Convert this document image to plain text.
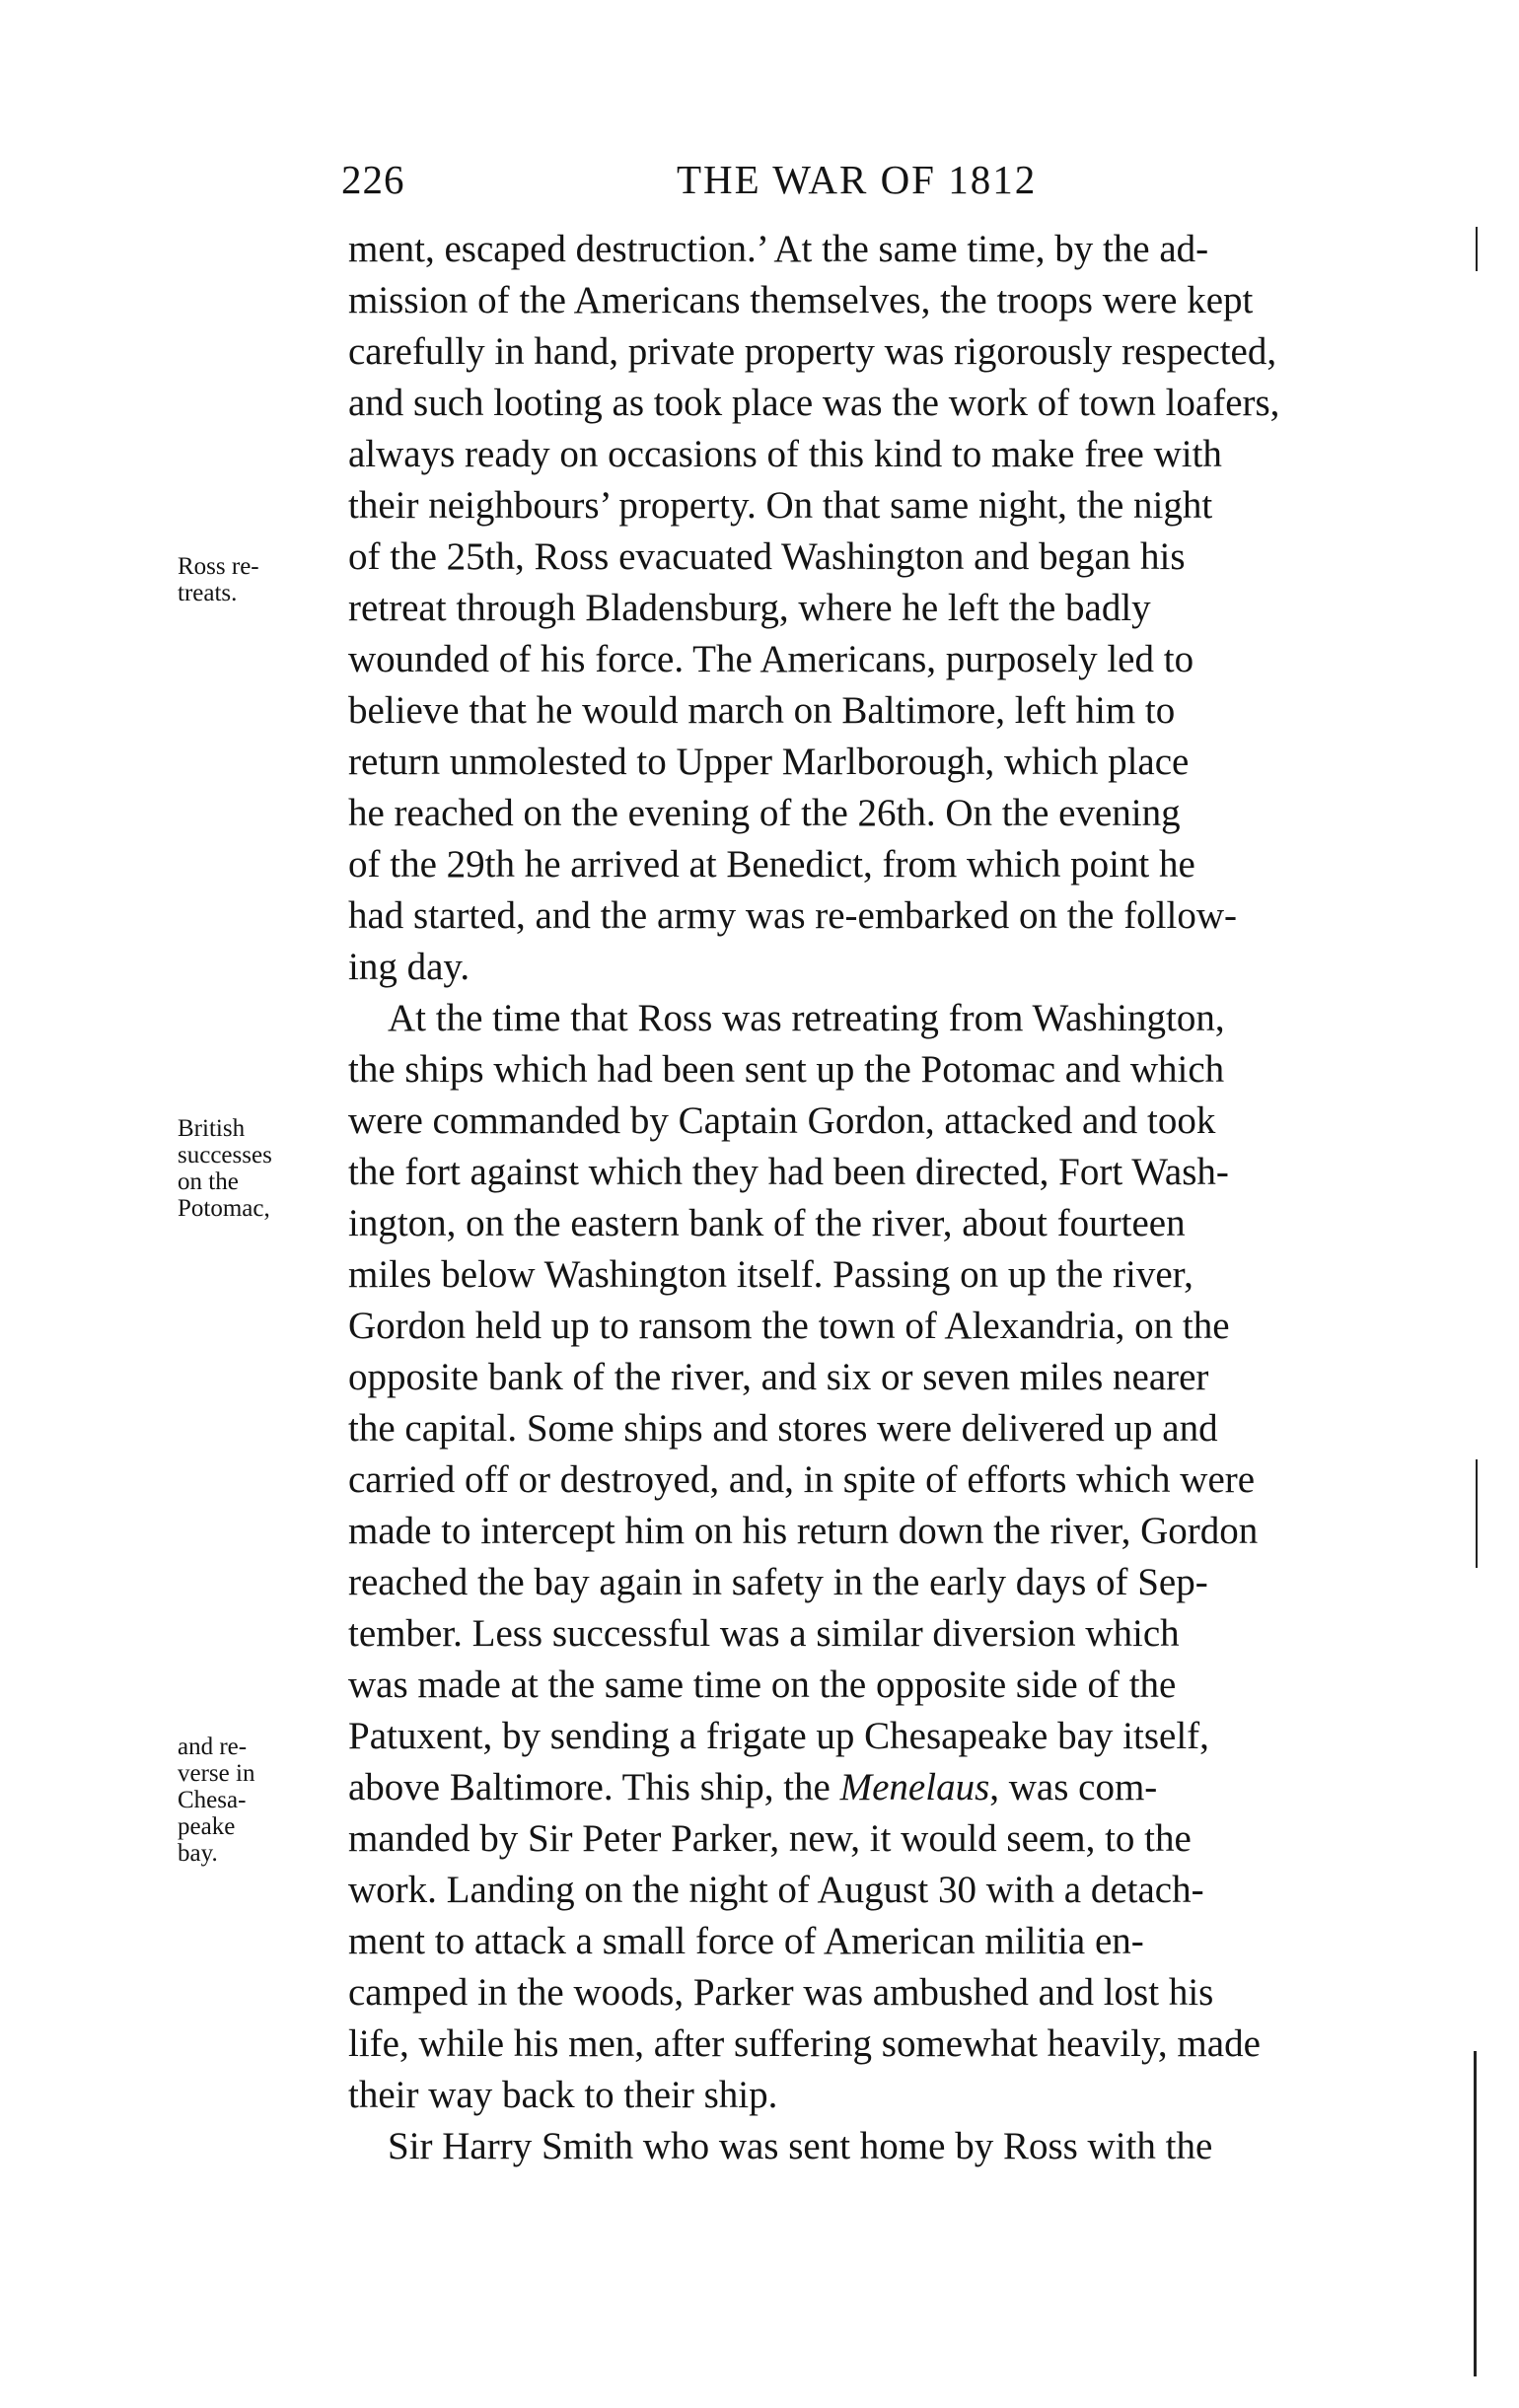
226	THE WAR OF 1812
Ross re-
treats.
British
successes
on the
Potomac,
and re-
verse in
Chesa-
peake
bay.
ment, escaped destruction.’ At the same time, by the ad-
mission of the Americans themselves, the troops were kept
carefully in hand, private property was rigorously respected,
and such looting as took place was the work of town loafers,
always ready on occasions of this kind to make free with
their neighbours’ property. On that same night, the night
of the 25th, Ross evacuated Washington and began his
retreat through Bladensburg, where he left the badly
wounded of his force. The Americans, purposely led to
believe that he would march on Baltimore, left him to
return unmolested to Upper Marlborough, which place
he reached on the evening of the 26th. On the evening
of the 29th he arrived at Benedict, from which point he
had started, and the army was re-embarked on the follow-
ing day.
At the time that Ross was retreating from Washington,
the ships which had been sent up the Potomac and which
were commanded by Captain Gordon, attacked and took
the fort against which they had been directed, Fort Wash-
ington, on the eastern bank of the river, about fourteen
miles below Washington itself. Passing on up the river,
Gordon held up to ransom the town of Alexandria, on the
opposite bank of the river, and six or seven miles nearer
the capital. Some ships and stores were delivered up and
carried off or destroyed, and, in spite of efforts which were
made to intercept him on his return down the river, Gordon
reached the bay again in safety in the early days of Sep-
tember. Less successful was a similar diversion which
was made at the same time on the opposite side of the
Patuxent, by sending a frigate up Chesapeake bay itself,
above Baltimore. This ship, the Menelaus, was com-
manded by Sir Peter Parker, new, it would seem, to the
work. Landing on the night of August 30 with a detach-
ment to attack a small force of American militia en-
camped in the woods, Parker was ambushed and lost his
life, while his men, after suffering somewhat heavily, made
their way back to their ship.
Sir Harry Smith who was sent home by Ross with the
